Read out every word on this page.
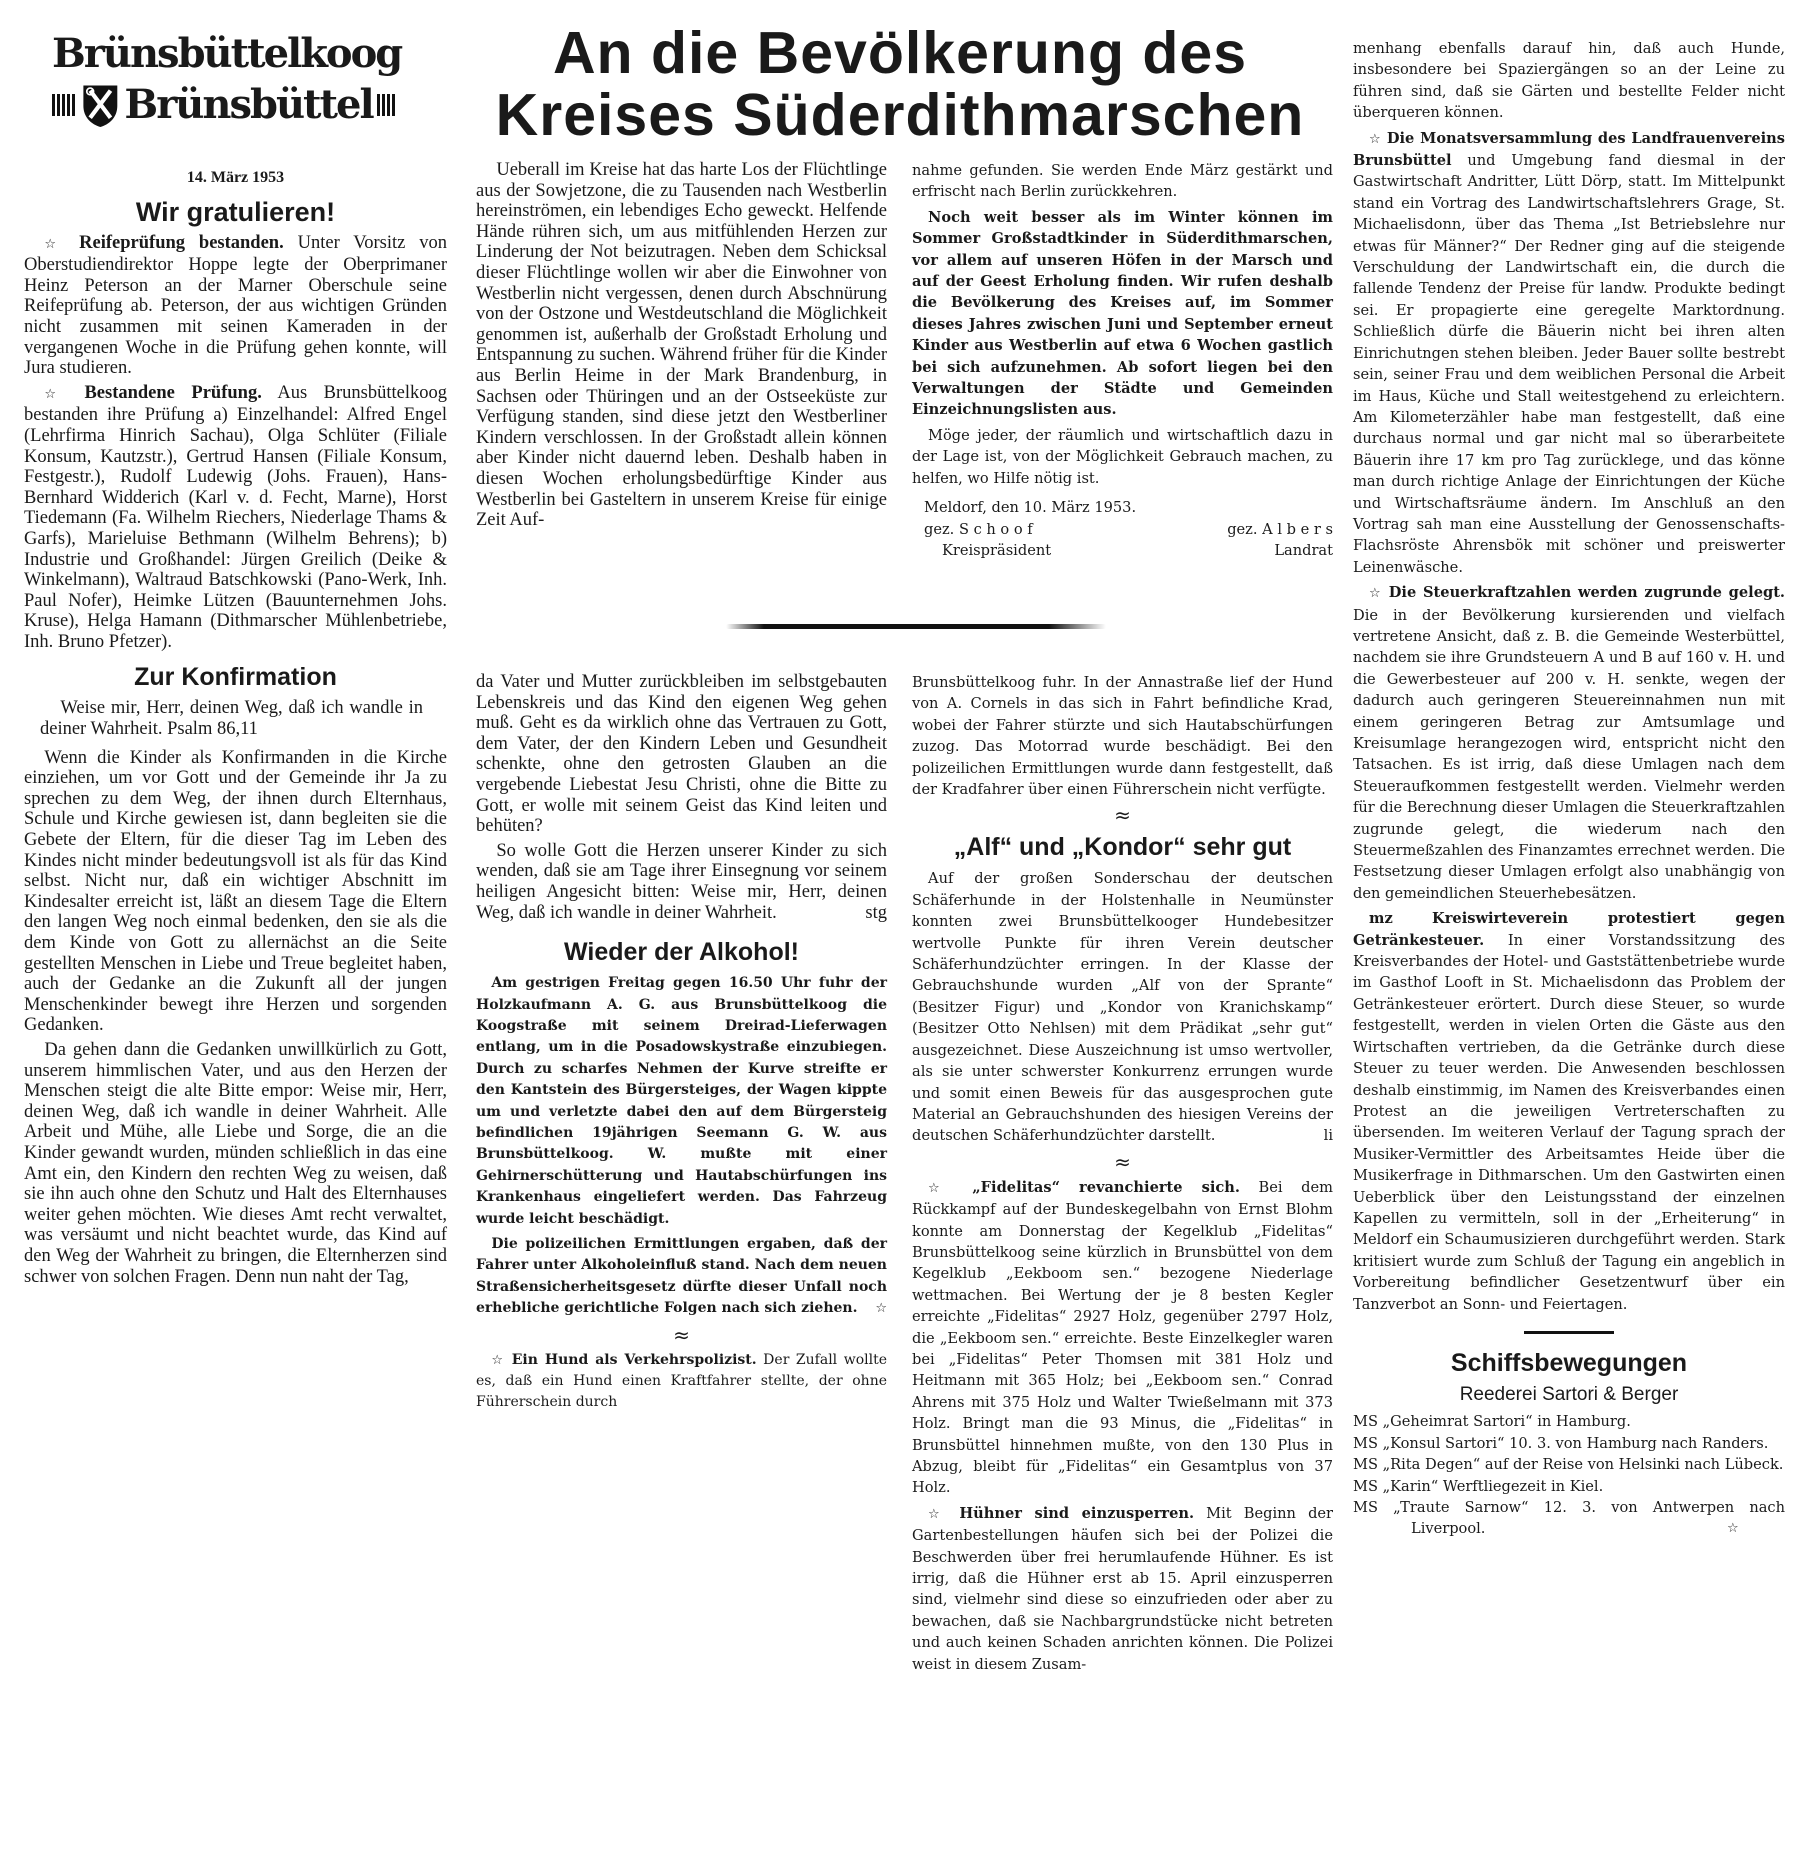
Brünsbüttelkoog
Brünsbüttel
An die Bevölkerung des
Kreises Süderdithmarschen
14. März 1953
Wir gratulieren!

☆ Reifeprüfung bestanden. Unter Vorsitz von Oberstudiendirektor Hoppe legte der Oberprimaner Heinz Peterson an der Marner Oberschule seine Reifeprüfung ab. Peterson, der aus wichtigen Gründen nicht zusammen mit seinen Kameraden in der vergangenen Woche in die Prüfung gehen konnte, will Jura studieren.

☆ Bestandene Prüfung. Aus Brunsbüttelkoog bestanden ihre Prüfung a) Einzelhandel: Alfred Engel (Lehrfirma Hinrich Sachau), Olga Schlüter (Filiale Konsum, Kautzstr.), Gertrud Hansen (Filiale Konsum, Festgestr.), Rudolf Ludewig (Johs. Frauen), Hans-Bernhard Widderich (Karl v. d. Fecht, Marne), Horst Tiedemann (Fa. Wilhelm Riechers, Niederlage Thams & Garfs), Marieluise Bethmann (Wilhelm Behrens); b) Industrie und Großhandel: Jürgen Greilich (Deike & Winkelmann), Waltraud Batschkowski (Pano-Werk, Inh. Paul Nofer), Heimke Lützen (Bauunternehmen Johs. Kruse), Helga Hamann (Dithmarscher Mühlenbetriebe, Inh. Bruno Pfetzer).

Zur Konfirmation

Weise mir, Herr, deinen Weg, daß ich wandle in deiner Wahrheit. Psalm 86,11

Wenn die Kinder als Konfirmanden in die Kirche einziehen, um vor Gott und der Gemeinde ihr Ja zu sprechen zu dem Weg, der ihnen durch Elternhaus, Schule und Kirche gewiesen ist, dann begleiten sie die Gebete der Eltern, für die dieser Tag im Leben des Kindes nicht minder bedeutungsvoll ist als für das Kind selbst. Nicht nur, daß ein wichtiger Abschnitt im Kindesalter erreicht ist, läßt an diesem Tage die Eltern den langen Weg noch einmal bedenken, den sie als die dem Kinde von Gott zu allernächst an die Seite gestellten Menschen in Liebe und Treue begleitet haben, auch der Gedanke an die Zukunft all der jungen Menschenkinder bewegt ihre Herzen und sorgenden Gedanken.

Da gehen dann die Gedanken unwillkürlich zu Gott, unserem himmlischen Vater, und aus den Herzen der Menschen steigt die alte Bitte empor: Weise mir, Herr, deinen Weg, daß ich wandle in deiner Wahrheit. Alle Arbeit und Mühe, alle Liebe und Sorge, die an die Kinder gewandt wurden, münden schließlich in das eine Amt ein, den Kindern den rechten Weg zu weisen, daß sie ihn auch ohne den Schutz und Halt des Elternhauses weiter gehen möchten. Wie dieses Amt recht verwaltet, was versäumt und nicht beachtet wurde, das Kind auf den Weg der Wahrheit zu bringen, die Elternherzen sind schwer von solchen Fragen. Denn nun naht der Tag,

Ueberall im Kreise hat das harte Los der Flüchtlinge aus der Sowjetzone, die zu Tausenden nach Westberlin hereinströmen, ein lebendiges Echo geweckt. Helfende Hände rühren sich, um aus mitfühlenden Herzen zur Linderung der Not beizutragen. Neben dem Schicksal dieser Flüchtlinge wollen wir aber die Einwohner von Westberlin nicht vergessen, denen durch Abschnürung von der Ostzone und Westdeutschland die Möglichkeit genommen ist, außerhalb der Großstadt Erholung und Entspannung zu suchen. Während früher für die Kinder aus Berlin Heime in der Mark Brandenburg, in Sachsen oder Thüringen und an der Ostseeküste zur Verfügung standen, sind diese jetzt den Westberliner Kindern verschlossen. In der Großstadt allein können aber Kinder nicht dauernd leben. Deshalb haben in diesen Wochen erholungsbedürftige Kinder aus Westberlin bei Gasteltern in unserem Kreise für einige Zeit Auf-

nahme gefunden. Sie werden Ende März gestärkt und erfrischt nach Berlin zurückkehren.

Noch weit besser als im Winter können im Sommer Großstadtkinder in Süderdithmarschen, vor allem auf unseren Höfen in der Marsch und auf der Geest Erholung finden. Wir rufen deshalb die Bevölkerung des Kreises auf, im Sommer dieses Jahres zwischen Juni und September erneut Kinder aus Westberlin auf etwa 6 Wochen gastlich bei sich aufzunehmen. Ab sofort liegen bei den Verwaltungen der Städte und Gemeinden Einzeichnungslisten aus.

Möge jeder, der räumlich und wirtschaftlich dazu in der Lage ist, von der Möglichkeit Gebrauch machen, zu helfen, wo Hilfe nötig ist.

Meldorf, den 10. März 1953.
gez. S c h o o f
Kreispräsident
gez. A l b e r s
Landrat

da Vater und Mutter zurückbleiben im selbstgebauten Lebenskreis und das Kind den eigenen Weg gehen muß. Geht es da wirklich ohne das Vertrauen zu Gott, dem Vater, der den Kindern Leben und Gesundheit schenkte, ohne den getrosten Glauben an die vergebende Liebestat Jesu Christi, ohne die Bitte zu Gott, er wolle mit seinem Geist das Kind leiten und behüten?

So wolle Gott die Herzen unserer Kinder zu sich wenden, daß sie am Tage ihrer Einsegnung vor seinem heiligen Angesicht bitten: Weise mir, Herr, deinen Weg, daß ich wandle in deiner Wahrheit.	stg

Wieder der Alkohol!

Am gestrigen Freitag gegen 16.50 Uhr fuhr der Holzkaufmann A. G. aus Brunsbüttelkoog die Koogstraße mit seinem Dreirad-Lieferwagen entlang, um in die Posadowskystraße einzubiegen. Durch zu scharfes Nehmen der Kurve streifte er den Kantstein des Bürgersteiges, der Wagen kippte um und verletzte dabei den auf dem Bürgersteig befindlichen 19jährigen Seemann G. W. aus Brunsbüttelkoog. W. mußte mit einer Gehirnerschütterung und Hautabschürfungen ins Krankenhaus eingeliefert werden. Das Fahrzeug wurde leicht beschädigt.

Die polizeilichen Ermittlungen ergaben, daß der Fahrer unter Alkoholeinfluß stand. Nach dem neuen Straßensicherheitsgesetz dürfte dieser Unfall noch erhebliche gerichtliche Folgen nach sich ziehen.	☆

≈

☆ Ein Hund als Verkehrspolizist. Der Zufall wollte es, daß ein Hund einen Kraftfahrer stellte, der ohne Führerschein durch

Brunsbüttelkoog fuhr. In der Annastraße lief der Hund von A. Cornels in das sich in Fahrt befindliche Krad, wobei der Fahrer stürzte und sich Hautabschürfungen zuzog. Das Motorrad wurde beschädigt. Bei den polizeilichen Ermittlungen wurde dann festgestellt, daß der Kradfahrer über einen Führerschein nicht verfügte.

≈
„Alf“ und „Kondor“ sehr gut

Auf der großen Sonderschau der deutschen Schäferhunde in der Holstenhalle in Neumünster konnten zwei Brunsbüttelkooger Hundebesitzer wertvolle Punkte für ihren Verein deutscher Schäferhundzüchter erringen. In der Klasse der Gebrauchshunde wurden „Alf von der Sprante“ (Besitzer Figur) und „Kondor von Kranichskamp“ (Besitzer Otto Nehlsen) mit dem Prädikat „sehr gut“ ausgezeichnet. Diese Auszeichnung ist umso wertvoller, als sie unter schwerster Konkurrenz errungen wurde und somit einen Beweis für das ausgesprochen gute Material an Gebrauchshunden des hiesigen Vereins der deutschen Schäferhundzüchter darstellt.	li

≈

☆ „Fidelitas“ revanchierte sich. Bei dem Rückkampf auf der Bundeskegelbahn von Ernst Blohm konnte am Donnerstag der Kegelklub „Fidelitas“ Brunsbüttelkoog seine kürzlich in Brunsbüttel von dem Kegelklub „Eekboom sen.“ bezogene Niederlage wettmachen. Bei Wertung der je 8 besten Kegler erreichte „Fidelitas“ 2927 Holz, gegenüber 2797 Holz, die „Eekboom sen.“ erreichte. Beste Einzelkegler waren bei „Fidelitas“ Peter Thomsen mit 381 Holz und Heitmann mit 365 Holz; bei „Eekboom sen.“ Conrad Ahrens mit 375 Holz und Walter Twießelmann mit 373 Holz. Bringt man die 93 Minus, die „Fidelitas“ in Brunsbüttel hinnehmen mußte, von den 130 Plus in Abzug, bleibt für „Fidelitas“ ein Gesamtplus von 37 Holz.

☆ Hühner sind einzusperren. Mit Beginn der Gartenbestellungen häufen sich bei der Polizei die Beschwerden über frei herumlaufende Hühner. Es ist irrig, daß die Hühner erst ab 15. April einzusperren sind, vielmehr sind diese so einzufrieden oder aber zu bewachen, daß sie Nachbargrundstücke nicht betreten und auch keinen Schaden anrichten können. Die Polizei weist in diesem Zusam-

menhang ebenfalls darauf hin, daß auch Hunde, insbesondere bei Spaziergängen so an der Leine zu führen sind, daß sie Gärten und bestellte Felder nicht überqueren können.

☆ Die Monatsversammlung des Landfrauenvereins Brunsbüttel und Umgebung fand diesmal in der Gastwirtschaft Andritter, Lütt Dörp, statt. Im Mittelpunkt stand ein Vortrag des Landwirtschaftslehrers Grage, St. Michaelisdonn, über das Thema „Ist Betriebslehre nur etwas für Männer?“ Der Redner ging auf die steigende Verschuldung der Landwirtschaft ein, die durch die fallende Tendenz der Preise für landw. Produkte bedingt sei. Er propagierte eine geregelte Marktordnung. Schließlich dürfe die Bäuerin nicht bei ihren alten Einrichutngen stehen bleiben. Jeder Bauer sollte bestrebt sein, seiner Frau und dem weiblichen Personal die Arbeit im Haus, Küche und Stall weitestgehend zu erleichtern. Am Kilometerzähler habe man festgestellt, daß eine durchaus normal und gar nicht mal so überarbeitete Bäuerin ihre 17 km pro Tag zurücklege, und das könne man durch richtige Anlage der Einrichtungen der Küche und Wirtschaftsräume ändern. Im Anschluß an den Vortrag sah man eine Ausstellung der Genossenschafts-Flachsröste Ahrensbök mit schöner und preiswerter Leinenwäsche.

☆ Die Steuerkraftzahlen werden zugrunde gelegt. Die in der Bevölkerung kursierenden und vielfach vertretene Ansicht, daß z. B. die Gemeinde Westerbüttel, nachdem sie ihre Grundsteuern A und B auf 160 v. H. und die Gewerbesteuer auf 200 v. H. senkte, wegen der dadurch auch geringeren Steuereinnahmen nun mit einem geringeren Betrag zur Amtsumlage und Kreisumlage herangezogen wird, entspricht nicht den Tatsachen. Es ist irrig, daß diese Umlagen nach dem Steueraufkommen festgestellt werden. Vielmehr werden für die Berechnung dieser Umlagen die Steuerkraftzahlen zugrunde gelegt, die wiederum nach den Steuermeßzahlen des Finanzamtes errechnet werden. Die Festsetzung dieser Umlagen erfolgt also unabhängig von den gemeindlichen Steuerhebesätzen.

mz	Kreiswirteverein protestiert gegen Getränkesteuer. In einer Vorstandssitzung des Kreisverbandes der Hotel- und Gaststättenbetriebe wurde im Gasthof Looft in St. Michaelisdonn das Problem der Getränkesteuer erörtert. Durch diese Steuer, so wurde festgestellt, werden in vielen Orten die Gäste aus den Wirtschaften vertrieben, da die Getränke durch diese Steuer zu teuer werden. Die Anwesenden beschlossen deshalb einstimmig, im Namen des Kreisverbandes einen Protest an die jeweiligen Vertreterschaften zu übersenden. Im weiteren Verlauf der Tagung sprach der Musiker-Vermittler des Arbeitsamtes Heide über die Musikerfrage in Dithmarschen. Um den Gastwirten einen Ueberblick über den Leistungsstand der einzelnen Kapellen zu vermitteln, soll in der „Erheiterung“ in Meldorf ein Schaumusizieren durchgeführt werden. Stark kritisiert wurde zum Schluß der Tagung ein angeblich in Vorbereitung befindlicher Gesetzentwurf über ein Tanzverbot an Sonn- und Feiertagen.

Schiffsbewegungen
Reederei Sartori & Berger

MS „Geheimrat Sartori“ in Hamburg.

MS „Konsul Sartori“ 10. 3. von Hamburg nach Randers.

MS „Rita Degen“ auf der Reise von Helsinki nach Lübeck.

MS „Karin“ Werftliegezeit in Kiel.

MS „Traute Sarnow“ 12. 3. von Antwerpen nach Liverpool.	☆
